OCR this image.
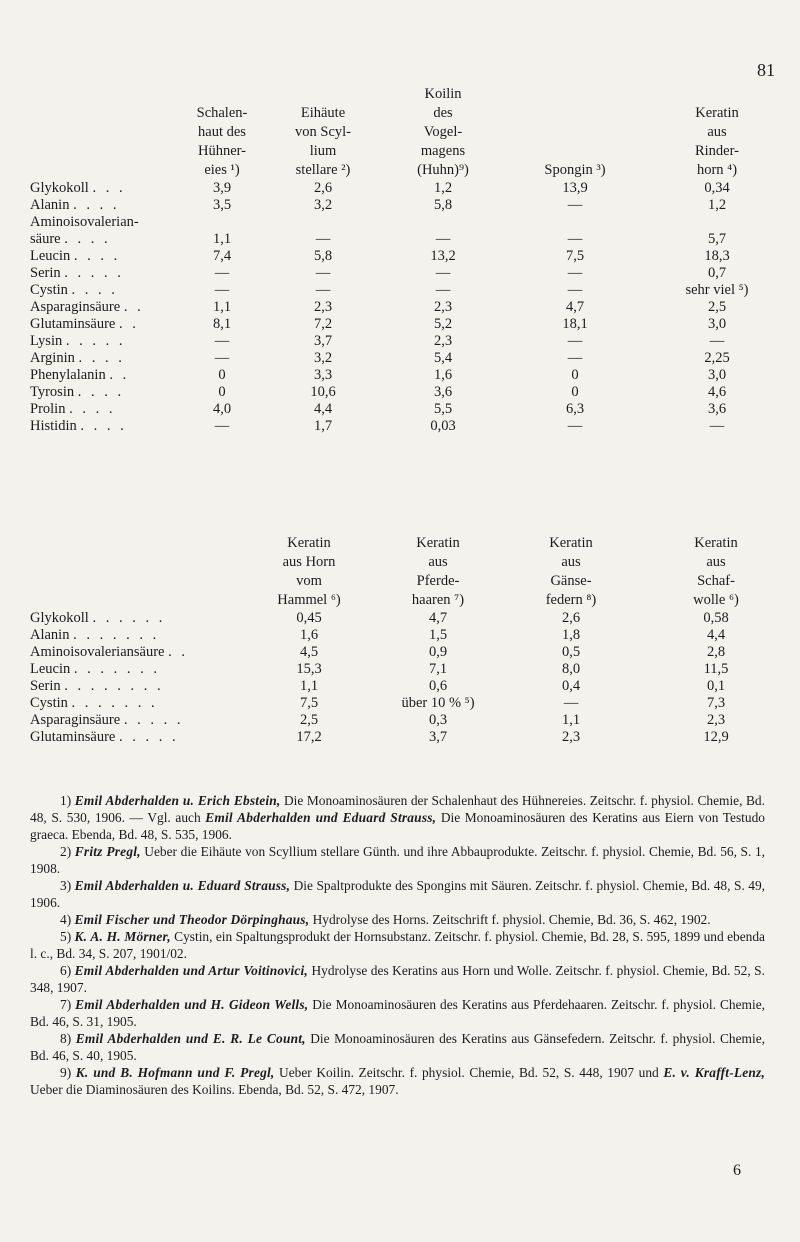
81
	Schalen-
haut des
Hühner-
eies ¹)	Eihäute
von Scyl-
lium
stellare ²)	Koilin
des
Vogel-
magens
(Huhn)⁹)	Spongin ³)	Keratin
aus
Rinder-
horn ⁴)
Glykokoll . . .	3,9	2,6	1,2	13,9	0,34
Alanin . . . .	3,5	3,2	5,8	—	1,2
Aminoisovalerian-					
säure . . . .	1,1	—	—	—	5,7
Leucin . . . .	7,4	5,8	13,2	7,5	18,3
Serin . . . . .	—	—	—	—	0,7
Cystin . . . .	—	—	—	—	sehr viel ⁵)
Asparaginsäure . .	1,1	2,3	2,3	4,7	2,5
Glutaminsäure . .	8,1	7,2	5,2	18,1	3,0
Lysin . . . . .	—	3,7	2,3	—	—
Arginin . . . .	—	3,2	5,4	—	2,25
Phenylalanin . .	0	3,3	1,6	0	3,0
Tyrosin . . . .	0	10,6	3,6	0	4,6
Prolin . . . .	4,0	4,4	5,5	6,3	3,6
Histidin . . . .	—	1,7	0,03	—	—
	Keratin
aus Horn
vom
Hammel ⁶)	Keratin
aus
Pferde-
haaren ⁷)	Keratin
aus
Gänse-
federn ⁸)	Keratin
aus
Schaf-
wolle ⁶)
Glykokoll . . . . . .	0,45	4,7	2,6	0,58
Alanin . . . . . . .	1,6	1,5	1,8	4,4
Aminoisovaleriansäure . .	4,5	0,9	0,5	2,8
Leucin . . . . . . .	15,3	7,1	8,0	11,5
Serin . . . . . . . .	1,1	0,6	0,4	0,1
Cystin . . . . . . .	7,5	über 10 % ⁵)	—	7,3
Asparaginsäure . . . . .	2,5	0,3	1,1	2,3
Glutaminsäure . . . . .	17,2	3,7	2,3	12,9

1) Emil Abderhalden u. Erich Ebstein, Die Monoaminosäuren der Schalenhaut des Hühnereies. Zeitschr. f. physiol. Chemie, Bd. 48, S. 530, 1906. — Vgl. auch Emil Abderhalden und Eduard Strauss, Die Monoaminosäuren des Keratins aus Eiern von Testudo graeca. Ebenda, Bd. 48, S. 535, 1906.

2) Fritz Pregl, Ueber die Eihäute von Scyllium stellare Günth. und ihre Abbauprodukte. Zeitschr. f. physiol. Chemie, Bd. 56, S. 1, 1908.

3) Emil Abderhalden u. Eduard Strauss, Die Spaltprodukte des Spongins mit Säuren. Zeitschr. f. physiol. Chemie, Bd. 48, S. 49, 1906.

4) Emil Fischer und Theodor Dörpinghaus, Hydrolyse des Horns. Zeitschrift f. physiol. Chemie, Bd. 36, S. 462, 1902.

5) K. A. H. Mörner, Cystin, ein Spaltungsprodukt der Hornsubstanz. Zeitschr. f. physiol. Chemie, Bd. 28, S. 595, 1899 und ebenda l. c., Bd. 34, S. 207, 1901/02.

6) Emil Abderhalden und Artur Voitinovici, Hydrolyse des Keratins aus Horn und Wolle. Zeitschr. f. physiol. Chemie, Bd. 52, S. 348, 1907.

7) Emil Abderhalden und H. Gideon Wells, Die Monoaminosäuren des Keratins aus Pferdehaaren. Zeitschr. f. physiol. Chemie, Bd. 46, S. 31, 1905.

8) Emil Abderhalden und E. R. Le Count, Die Monoaminosäuren des Keratins aus Gänsefedern. Zeitschr. f. physiol. Chemie, Bd. 46, S. 40, 1905.

9) K. und B. Hofmann und F. Pregl, Ueber Koilin. Zeitschr. f. physiol. Chemie, Bd. 52, S. 448, 1907 und E. v. Krafft-Lenz, Ueber die Diaminosäuren des Koilins. Ebenda, Bd. 52, S. 472, 1907.

6
